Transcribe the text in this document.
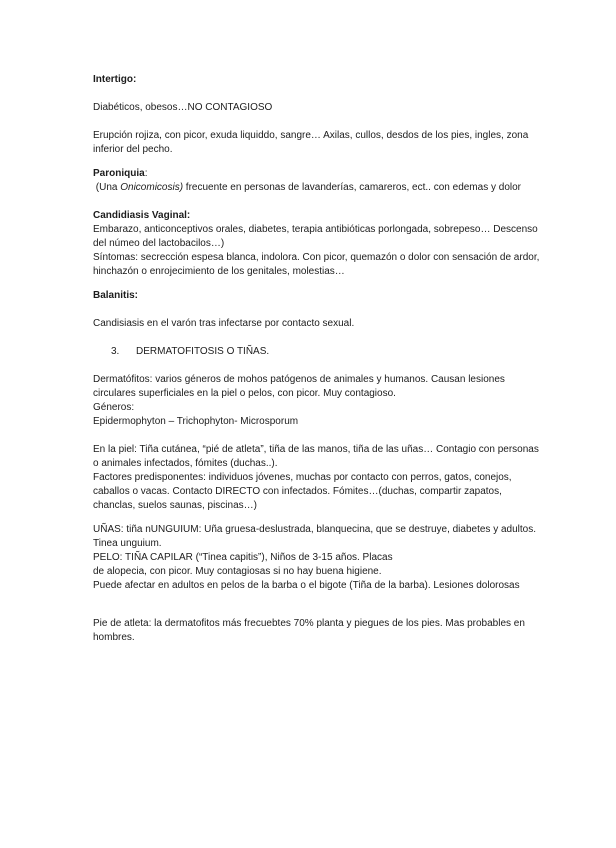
Intertigo:

Diabéticos, obesos…NO CONTAGIOSO

Erupción rojiza, con picor, exuda liquiddo, sangre… Axilas, cullos, desdos de los pies, ingles, zona inferior del pecho.

Paroniquia:

(Una Onicomicosis) frecuente en personas de lavanderías, camareros, ect.. con edemas y dolor

Candidiasis Vaginal:

Embarazo, anticonceptivos orales, diabetes, terapia antibióticas porlongada, sobrepeso… Descenso del númeo del lactobacilos…)

Síntomas: secrección espesa blanca, indolora. Con picor, quemazón o dolor con sensación de ardor, hinchazón o enrojecimiento de los genitales, molestias…

Balanitis:

Candisiasis en el varón tras infectarse por contacto sexual.

3. DERMATOFITOSIS O TIÑAS.

Dermatófitos: varios géneros de mohos patógenos de animales y humanos. Causan lesiones circulares superficiales en la piel o pelos, con picor. Muy contagioso.

Géneros:

Epidermophyton – Trichophyton- Microsporum

En la piel: Tiña cutánea, “pié de atleta”, tiña de las manos, tiña de las uñas… Contagio con personas o animales infectados, fómites (duchas..).

Factores predisponentes: individuos jóvenes, muchas por contacto con perros, gatos, conejos, caballos o vacas. Contacto DIRECTO con infectados. Fómites…(duchas, compartir zapatos, chanclas, suelos saunas, piscinas…)

UÑAS: tiña nUNGUIUM: Uña gruesa-deslustrada, blanquecina, que se destruye, diabetes y adultos. Tinea unguium.

PELO: TIÑA CAPILAR (“Tinea capitis”), Niños de 3-15 años. Placas

de alopecia, con picor. Muy contagiosas si no hay buena higiene.

Puede afectar en adultos en pelos de la barba o el bigote (Tiña de la barba). Lesiones dolorosas

Pie de atleta: la dermatofitos más frecuebtes 70% planta y piegues de los pies. Mas probables en hombres.
